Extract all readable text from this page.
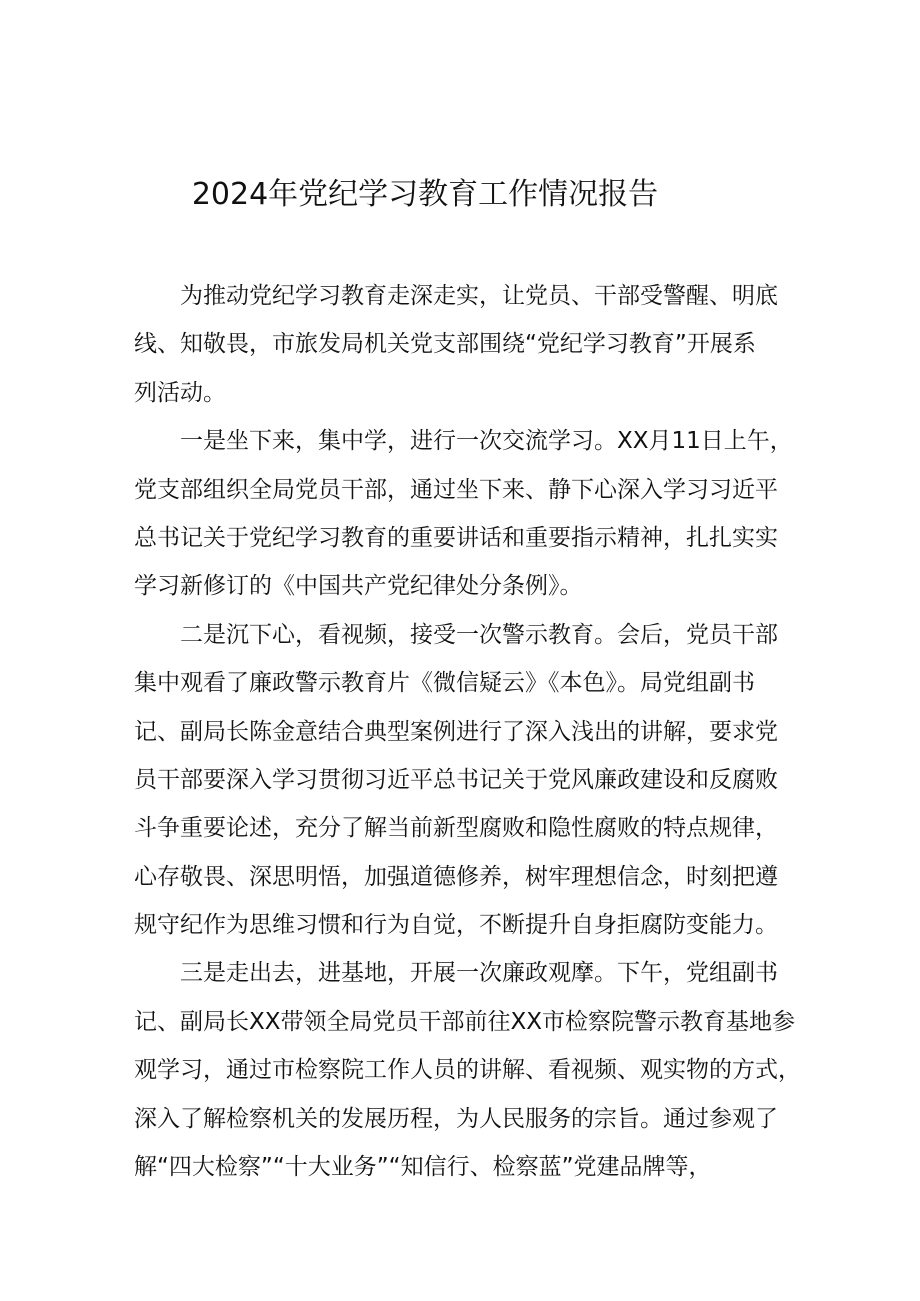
2024年党纪学习教育工作情况报告
为推动党纪学习教育走深走实，让党员、干部受警醒、明底
线、知敬畏，市旅发局机关党支部围绕“党纪学习教育”开展系
列活动。
一是坐下来，集中学，进行一次交流学习。XX月11日上午，
党支部组织全局党员干部，通过坐下来、静下心深入学习习近平
总书记关于党纪学习教育的重要讲话和重要指示精神，扎扎实实
学习新修订的《中国共产党纪律处分条例》。
二是沉下心，看视频，接受一次警示教育。会后，党员干部
集中观看了廉政警示教育片《微信疑云》《本色》。局党组副书
记、副局长陈金意结合典型案例进行了深入浅出的讲解，要求党
员干部要深入学习贯彻习近平总书记关于党风廉政建设和反腐败
斗争重要论述，充分了解当前新型腐败和隐性腐败的特点规律，
心存敬畏、深思明悟，加强道德修养，树牢理想信念，时刻把遵
规守纪作为思维习惯和行为自觉，不断提升自身拒腐防变能力。
三是走出去，进基地，开展一次廉政观摩。下午，党组副书
记、副局长XX带领全局党员干部前往XX市检察院警示教育基地参
观学习，通过市检察院工作人员的讲解、看视频、观实物的方式，
深入了解检察机关的发展历程，为人民服务的宗旨。通过参观了
解“四大检察”“十大业务”“知信行、检察蓝”党建品牌等，
